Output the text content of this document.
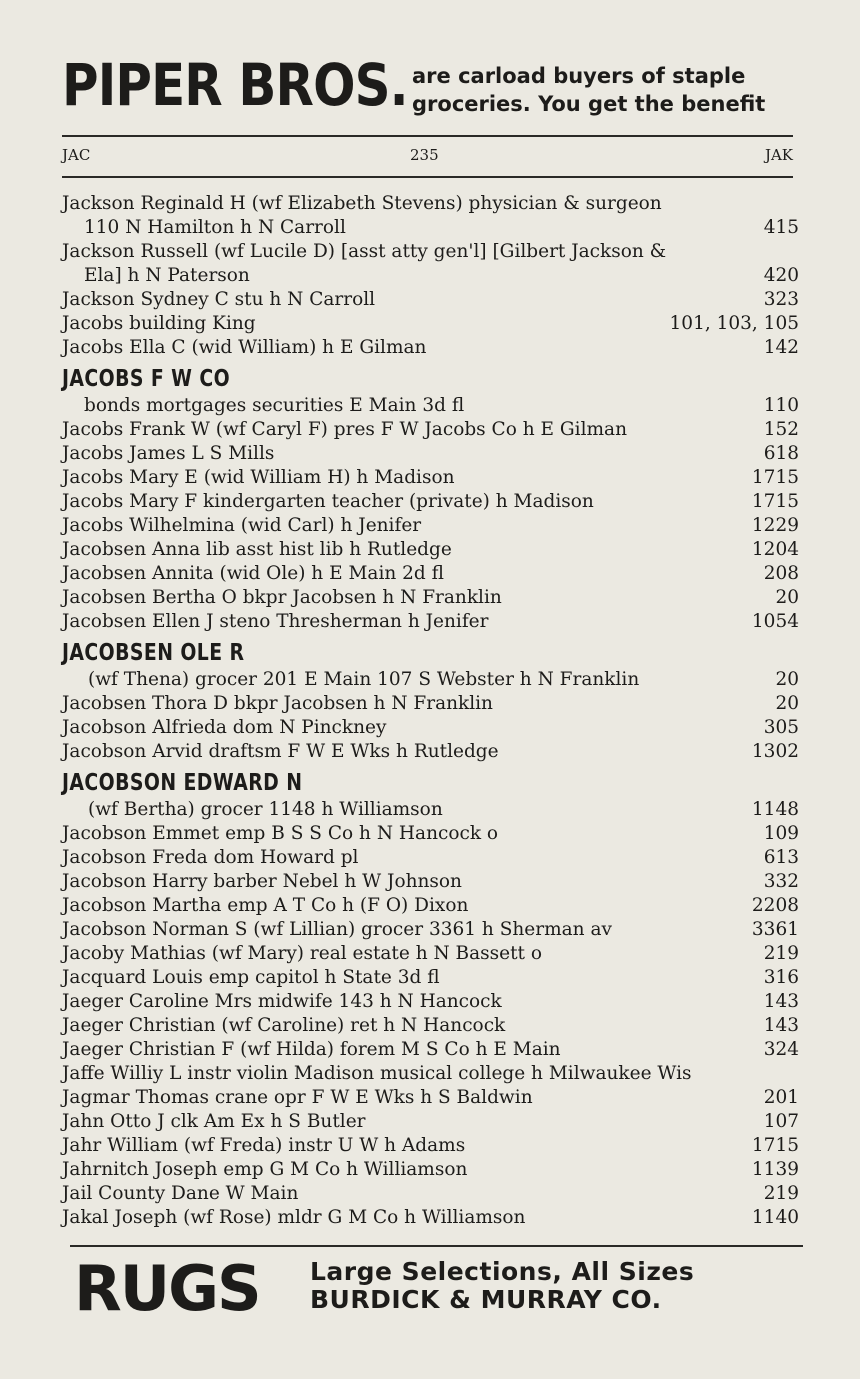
PIPER BROS. are carload buyers of staple
groceries. You get the benefit
JAC	235	JAK
Jackson Reginald H (wf Elizabeth Stevens) physician & surgeon
110 N Hamilton h N Carroll	415
Jackson Russell (wf Lucile D) [asst atty gen'l] [Gilbert Jackson &
Ela] h N Paterson	420
Jackson Sydney C stu h N Carroll	323
Jacobs building King	101, 103, 105
Jacobs Ella C (wid William) h E Gilman	142
JACOBS F W CO
bonds mortgages securities E Main 3d fl	110
Jacobs Frank W (wf Caryl F) pres F W Jacobs Co h E Gilman	152
Jacobs James L S Mills	618
Jacobs Mary E (wid William H) h Madison	1715
Jacobs Mary F kindergarten teacher (private) h Madison	1715
Jacobs Wilhelmina (wid Carl) h Jenifer	1229
Jacobsen Anna lib asst hist lib h Rutledge	1204
Jacobsen Annita (wid Ole) h E Main 2d fl	208
Jacobsen Bertha O bkpr Jacobsen h N Franklin	20
Jacobsen Ellen J steno Thresherman h Jenifer	1054
JACOBSEN OLE R
(wf Thena) grocer 201 E Main 107 S Webster h N Franklin	20
Jacobsen Thora D bkpr Jacobsen h N Franklin	20
Jacobson Alfrieda dom N Pinckney	305
Jacobson Arvid draftsm F W E Wks h Rutledge	1302
JACOBSON EDWARD N
(wf Bertha) grocer 1148 h Williamson	1148
Jacobson Emmet emp B S S Co h N Hancock o	109
Jacobson Freda dom Howard pl	613
Jacobson Harry barber Nebel h W Johnson	332
Jacobson Martha emp A T Co h (F O) Dixon	2208
Jacobson Norman S (wf Lillian) grocer 3361 h Sherman av	3361
Jacoby Mathias (wf Mary) real estate h N Bassett o	219
Jacquard Louis emp capitol h State 3d fl	316
Jaeger Caroline Mrs midwife 143 h N Hancock	143
Jaeger Christian (wf Caroline) ret h N Hancock	143
Jaeger Christian F (wf Hilda) forem M S Co h E Main	324
Jaffe Williy L instr violin Madison musical college h Milwaukee Wis
Jagmar Thomas crane opr F W E Wks h S Baldwin	201
Jahn Otto J clk Am Ex h S Butler	107
Jahr William (wf Freda) instr U W h Adams	1715
Jahrnitch Joseph emp G M Co h Williamson	1139
Jail County Dane W Main	219
Jakal Joseph (wf Rose) mldr G M Co h Williamson	1140
RUGS Large Selections, All Sizes
BURDICK & MURRAY CO.
